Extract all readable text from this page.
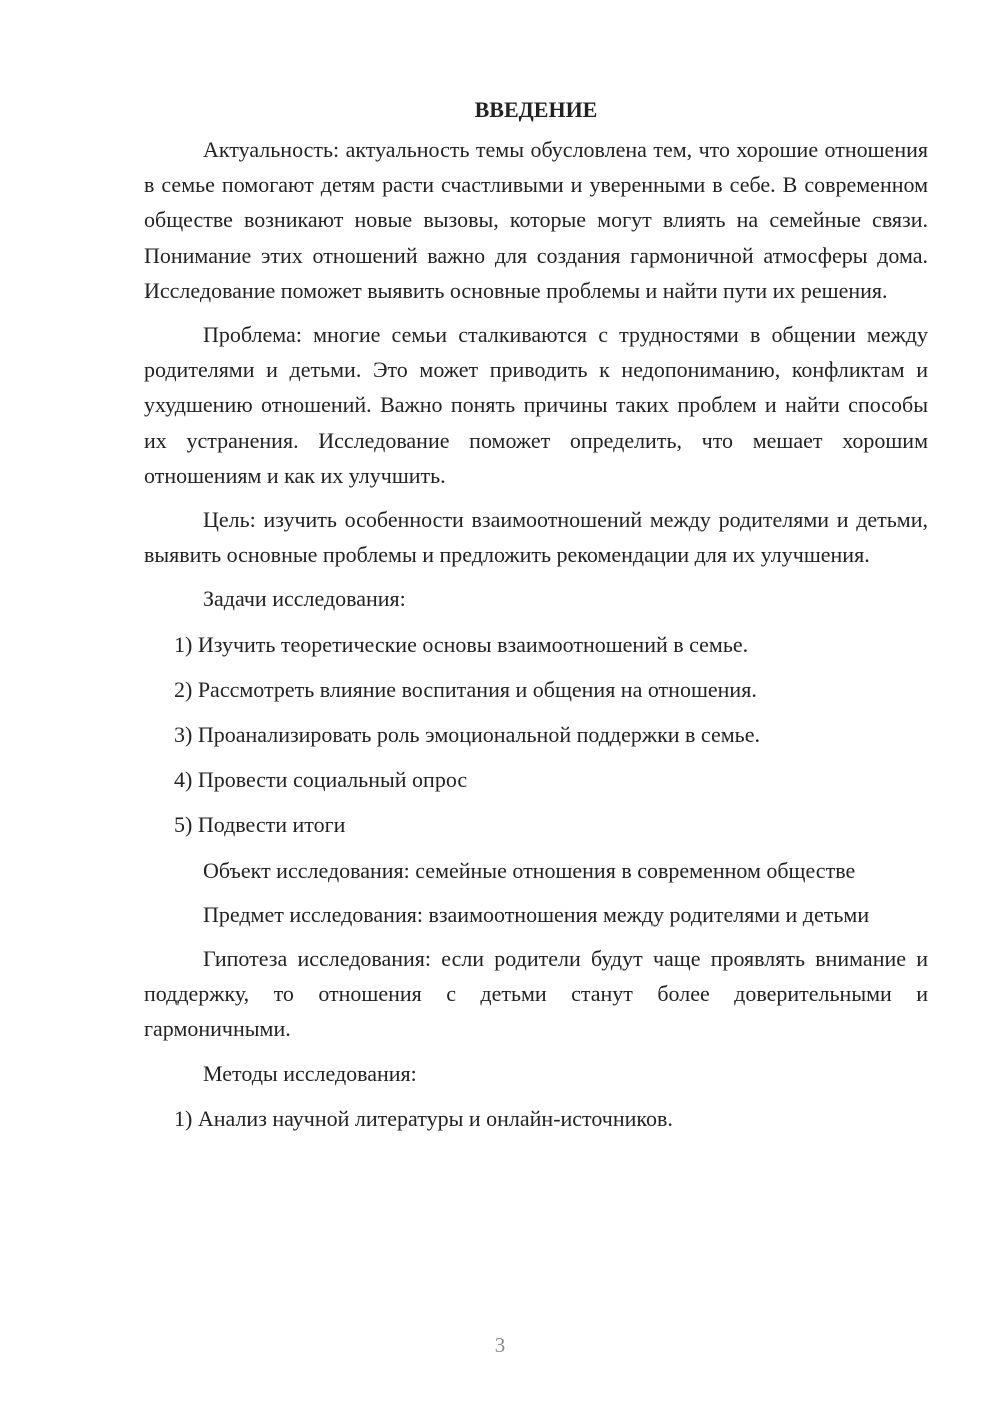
ВВЕДЕНИЕ

Актуальность: актуальность темы обусловлена тем, что хорошие отношения в семье помогают детям расти счастливыми и уверенными в себе. В современном обществе возникают новые вызовы, которые могут влиять на семейные связи. Понимание этих отношений важно для создания гармоничной атмосферы дома. Исследование поможет выявить основные проблемы и найти пути их решения.

Проблема: многие семьи сталкиваются с трудностями в общении между родителями и детьми. Это может приводить к недопониманию, конфликтам и ухудшению отношений. Важно понять причины таких проблем и найти способы их устранения. Исследование поможет определить, что мешает хорошим отношениям и как их улучшить.

Цель: изучить особенности взаимоотношений между родителями и детьми, выявить основные проблемы и предложить рекомендации для их улучшения.

Задачи исследования:

1) Изучить теоретические основы взаимоотношений в семье.

2) Рассмотреть влияние воспитания и общения на отношения.

3) Проанализировать роль эмоциональной поддержки в семье.

4) Провести социальный опрос

5) Подвести итоги

Объект исследования: семейные отношения в современном обществе

Предмет исследования: взаимоотношения между родителями и детьми

Гипотеза исследования: если родители будут чаще проявлять внимание и поддержку, то отношения с детьми станут более доверительными и гармоничными.

Методы исследования:

1) Анализ научной литературы и онлайн-источников.

3
